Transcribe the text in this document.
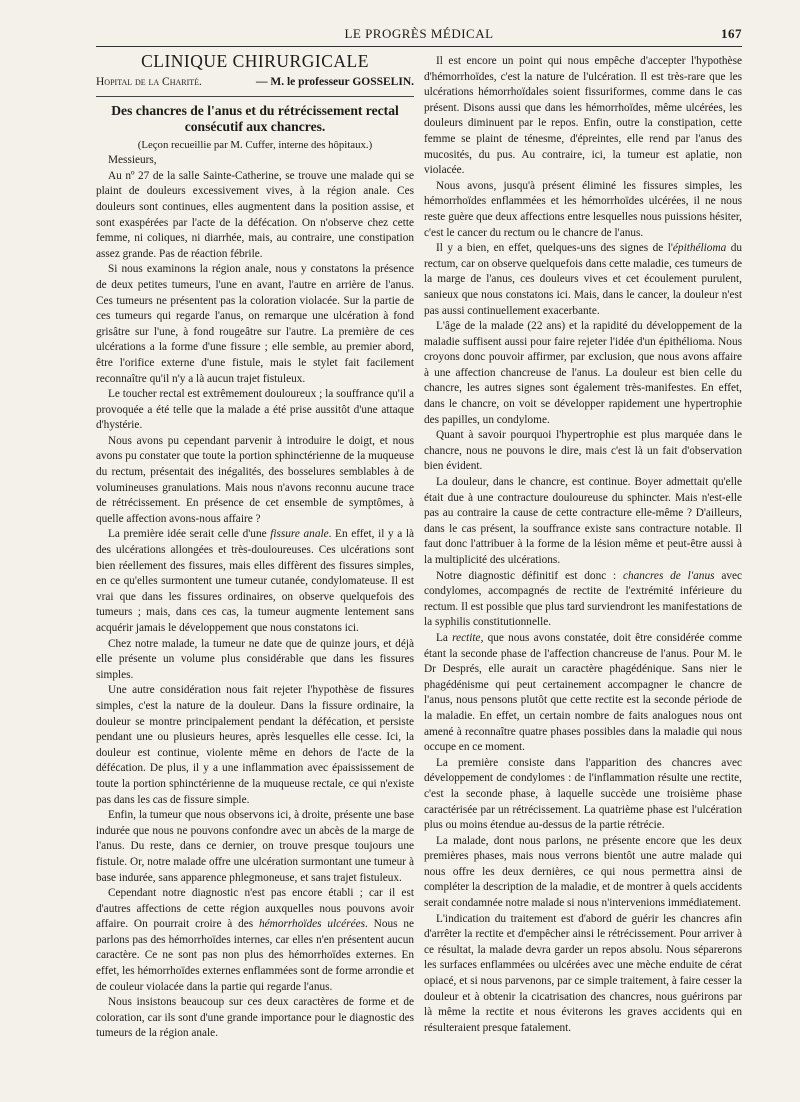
LE PROGRÈS MÉDICAL	167
CLINIQUE CHIRURGICALE
Hopital de la Charité.	— M. le professeur GOSSELIN.
Des chancres de l'anus et du rétrécissement rectal
consécutif aux chancres.
(Leçon recueillie par M. Cuffer, interne des hôpitaux.)

Messieurs,

Au nº 27 de la salle Sainte-Catherine, se trouve une malade qui se plaint de douleurs excessivement vives, à la région anale. Ces douleurs sont continues, elles augmentent dans la position assise, et sont exaspérées par l'acte de la défécation. On n'observe chez cette femme, ni coliques, ni diarrhée, mais, au contraire, une constipation assez grande. Pas de réaction fébrile.

Si nous examinons la région anale, nous y constatons la présence de deux petites tumeurs, l'une en avant, l'autre en arrière de l'anus. Ces tumeurs ne présentent pas la coloration violacée. Sur la partie de ces tumeurs qui regarde l'anus, on remarque une ulcération à fond grisâtre sur l'une, à fond rougeâtre sur l'autre. La première de ces ulcérations a la forme d'une fissure ; elle semble, au premier abord, être l'orifice externe d'une fistule, mais le stylet fait facilement reconnaître qu'il n'y a là aucun trajet fistuleux.

Le toucher rectal est extrêmement douloureux ; la souffrance qu'il a provoquée a été telle que la malade a été prise aussitôt d'une attaque d'hystérie.

Nous avons pu cependant parvenir à introduire le doigt, et nous avons pu constater que toute la portion sphinctérienne de la muqueuse du rectum, présentait des inégalités, des bosselures semblables à de volumineuses granulations. Mais nous n'avons reconnu aucune trace de rétrécissement. En présence de cet ensemble de symptômes, à quelle affection avons-nous affaire ?

La première idée serait celle d'une fissure anale. En effet, il y a là des ulcérations allongées et très-douloureuses. Ces ulcérations sont bien réellement des fissures, mais elles diffèrent des fissures simples, en ce qu'elles surmontent une tumeur cutanée, condylomateuse. Il est vrai que dans les fissures ordinaires, on observe quelquefois des tumeurs ; mais, dans ces cas, la tumeur augmente lentement sans acquérir jamais le développement que nous constatons ici.

Chez notre malade, la tumeur ne date que de quinze jours, et déjà elle présente un volume plus considérable que dans les fissures simples.

Une autre considération nous fait rejeter l'hypothèse de fissures simples, c'est la nature de la douleur. Dans la fissure ordinaire, la douleur se montre principalement pendant la défécation, et persiste pendant une ou plusieurs heures, après lesquelles elle cesse. Ici, la douleur est continue, violente même en dehors de l'acte de la défécation. De plus, il y a une inflammation avec épaississement de toute la portion sphinctérienne de la muqueuse rectale, ce qui n'existe pas dans les cas de fissure simple.

Enfin, la tumeur que nous observons ici, à droite, présente une base indurée que nous ne pouvons confondre avec un abcès de la marge de l'anus. Du reste, dans ce dernier, on trouve presque toujours une fistule. Or, notre malade offre une ulcération surmontant une tumeur à base indurée, sans apparence phlegmoneuse, et sans trajet fistuleux.

Cependant notre diagnostic n'est pas encore établi ; car il est d'autres affections de cette région auxquelles nous pouvons avoir affaire. On pourrait croire à des hémorrhoïdes ulcérées. Nous ne parlons pas des hémorrhoïdes internes, car elles n'en présentent aucun caractère. Ce ne sont pas non plus des hémorrhoïdes externes. En effet, les hémorrhoïdes externes enflammées sont de forme arrondie et de couleur violacée dans la partie qui regarde l'anus.

Nous insistons beaucoup sur ces deux caractères de forme et de coloration, car ils sont d'une grande importance pour le diagnostic des tumeurs de la région anale.

Il est encore un point qui nous empêche d'accepter l'hypothèse d'hémorrhoïdes, c'est la nature de l'ulcération. Il est très-rare que les ulcérations hémorrhoïdales soient fissuriformes, comme dans le cas présent. Disons aussi que dans les hémorrhoïdes, même ulcérées, les douleurs diminuent par le repos. Enfin, outre la constipation, cette femme se plaint de ténesme, d'épreintes, elle rend par l'anus des mucosités, du pus. Au contraire, ici, la tumeur est aplatie, non violacée.

Nous avons, jusqu'à présent éliminé les fissures simples, les hémorrhoïdes enflammées et les hémorrhoïdes ulcérées, il ne nous reste guère que deux affections entre lesquelles nous puissions hésiter, c'est le cancer du rectum ou le chancre de l'anus.

Il y a bien, en effet, quelques-uns des signes de l'épithélioma du rectum, car on observe quelquefois dans cette maladie, ces tumeurs de la marge de l'anus, ces douleurs vives et cet écoulement purulent, sanieux que nous constatons ici. Mais, dans le cancer, la douleur n'est pas aussi continuellement exacerbante.

L'âge de la malade (22 ans) et la rapidité du développement de la maladie suffisent aussi pour faire rejeter l'idée d'un épithélioma. Nous croyons donc pouvoir affirmer, par exclusion, que nous avons affaire à une affection chancreuse de l'anus. La douleur est bien celle du chancre, les autres signes sont également très-manifestes. En effet, dans le chancre, on voit se développer rapidement une hypertrophie des papilles, un condylome.

Quant à savoir pourquoi l'hypertrophie est plus marquée dans le chancre, nous ne pouvons le dire, mais c'est là un fait d'observation bien évident.

La douleur, dans le chancre, est continue. Boyer admettait qu'elle était due à une contracture douloureuse du sphincter. Mais n'est-elle pas au contraire la cause de cette contracture elle-même ? D'ailleurs, dans le cas présent, la souffrance existe sans contracture notable. Il faut donc l'attribuer à la forme de la lésion même et peut-être aussi à la multiplicité des ulcérations.

Notre diagnostic définitif est donc : chancres de l'anus avec condylomes, accompagnés de rectite de l'extrémité inférieure du rectum. Il est possible que plus tard surviendront les manifestations de la syphilis constitutionnelle.

La rectite, que nous avons constatée, doit être considérée comme étant la seconde phase de l'affection chancreuse de l'anus. Pour M. le Dr Després, elle aurait un caractère phagédénique. Sans nier le phagédénisme qui peut certainement accompagner le chancre de l'anus, nous pensons plutôt que cette rectite est la seconde période de la maladie. En effet, un certain nombre de faits analogues nous ont amené à reconnaître quatre phases possibles dans la maladie qui nous occupe en ce moment.

La première consiste dans l'apparition des chancres avec développement de condylomes : de l'inflammation résulte une rectite, c'est la seconde phase, à laquelle succède une troisième phase caractérisée par un rétrécissement. La quatrième phase est l'ulcération plus ou moins étendue au-dessus de la partie rétrécie.

La malade, dont nous parlons, ne présente encore que les deux premières phases, mais nous verrons bientôt une autre malade qui nous offre les deux dernières, ce qui nous permettra ainsi de compléter la description de la maladie, et de montrer à quels accidents serait condamnée notre malade si nous n'intervenions immédiatement.

L'indication du traitement est d'abord de guérir les chancres afin d'arrêter la rectite et d'empêcher ainsi le rétrécissement. Pour arriver à ce résultat, la malade devra garder un repos absolu. Nous séparerons les surfaces enflammées ou ulcérées avec une mèche enduite de cérat opiacé, et si nous parvenons, par ce simple traitement, à faire cesser la douleur et à obtenir la cicatrisation des chancres, nous guérirons par là même la rectite et nous éviterons les graves accidents qui en résulteraient presque fatalement.
